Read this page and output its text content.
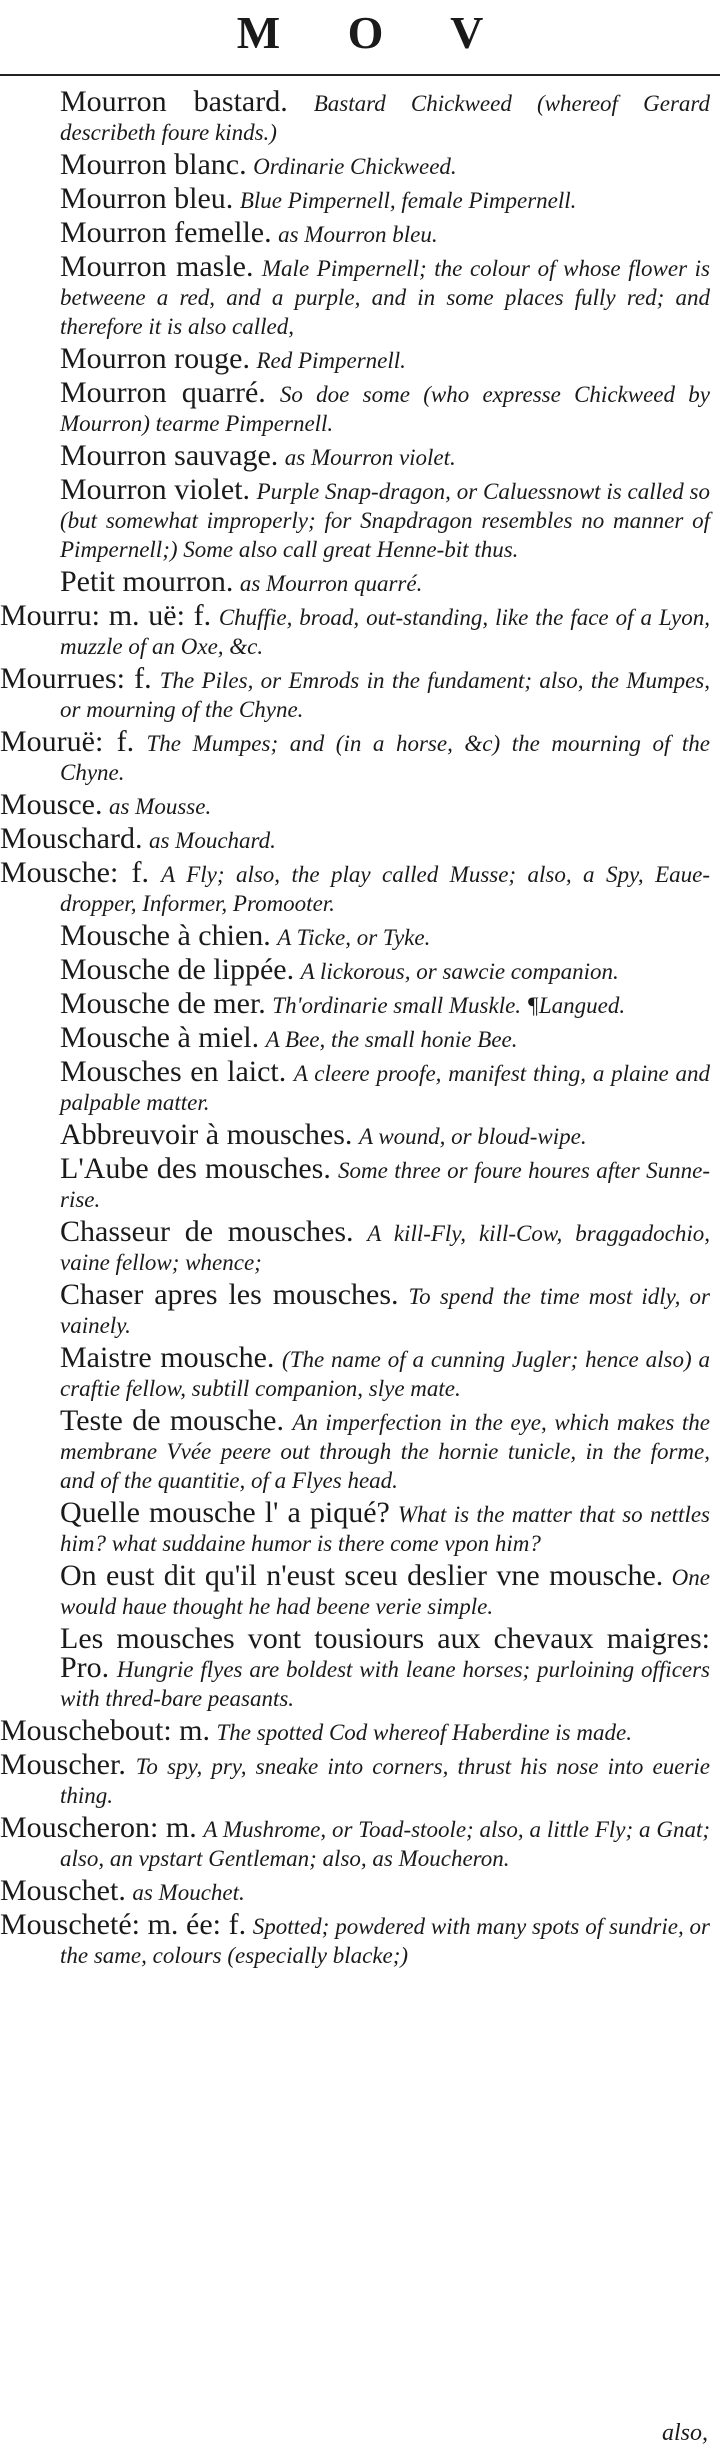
M O V
Mourron bastard. Bastard Chickweed (whereof Gerard describeth foure kinds.)
Mourron blanc. Ordinarie Chickweed.
Mourron bleu. Blue Pimpernell, female Pimpernell.
Mourron femelle. as Mourron bleu.
Mourron masle. Male Pimpernell; the colour of whose flower is betweene a red, and a purple, and in some places fully red; and therefore it is also called,
Mourron rouge. Red Pimpernell.
Mourron quarré. So doe some (who expresse Chickweed by Mourron) tearme Pimpernell.
Mourron sauvage. as Mourron violet.
Mourron violet. Purple Snap-dragon, or Caluessnowt is called so (but somewhat improperly; for Snapdragon resembles no manner of Pimpernell;) Some also call great Henne-bit thus.
Petit mourron. as Mourron quarré.
Mourru: m. uë: f. Chuffie, broad, out-standing, like the face of a Lyon, muzzle of an Oxe, &c.
Mourrues: f. The Piles, or Emrods in the fundament; also, the Mumpes, or mourning of the Chyne.
Mouruë: f. The Mumpes; and (in a horse, &c) the mourning of the Chyne.
Mousce. as Mousse.
Mouschard. as Mouchard.
Mousche: f. A Fly; also, the play called Musse; also, a Spy, Eaue-dropper, Informer, Promooter.
Mousche à chien. A Ticke, or Tyke.
Mousche de lippée. A lickorous, or sawcie companion.
Mousche de mer. Th'ordinarie small Muskle. ¶Langued.
Mousche à miel. A Bee, the small honie Bee.
Mousches en laict. A cleere proofe, manifest thing, a plaine and palpable matter.
Abbreuvoir à mousches. A wound, or bloud-wipe.
L'Aube des mousches. Some three or foure houres after Sunne-rise.
Chasseur de mousches. A kill-Fly, kill-Cow, braggadochio, vaine fellow; whence;
Chaser apres les mousches. To spend the time most idly, or vainely.
Maistre mousche. (The name of a cunning Jugler; hence also) a craftie fellow, subtill companion, slye mate.
Teste de mousche. An imperfection in the eye, which makes the membrane Vvée peere out through the hornie tunicle, in the forme, and of the quantitie, of a Flyes head.
Quelle mousche l' a piqué? What is the matter that so nettles him? what suddaine humor is there come vpon him?
On eust dit qu'il n'eust sceu deslier vne mousche. One would haue thought he had beene verie simple.
Les mousches vont tousiours aux chevaux maigres: Pro. Hungrie flyes are boldest with leane horses; purloining officers with thred-bare peasants.
Mouschebout: m. The spotted Cod whereof Haberdine is made.
Mouscher. To spy, pry, sneake into corners, thrust his nose into euerie thing.
Mouscheron: m. A Mushrome, or Toad-stoole; also, a little Fly; a Gnat; also, an vpstart Gentleman; also, as Moucheron.
Mouschet. as Mouchet.
Mouscheté: m. ée: f. Spotted; powdered with many spots of sundrie, or the same, colours (especially blacke;)
also,
